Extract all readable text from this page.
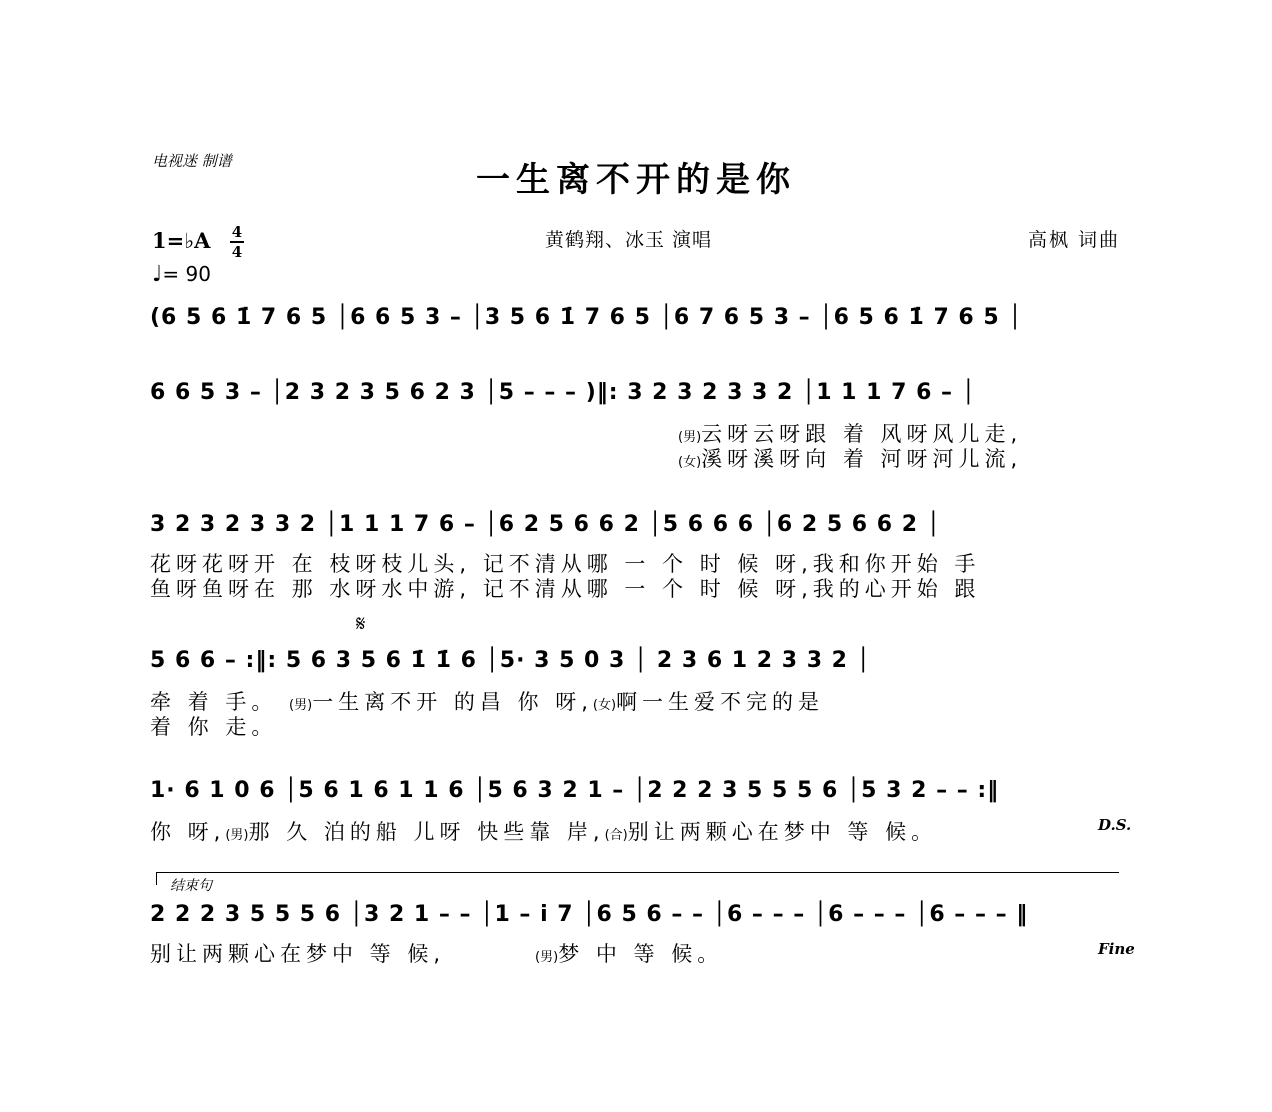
电视迷 制谱	一生离不开的是你
黄鹤翔、冰玉 演唱	高枫 词曲
1=♭A 4
4
♩= 90
(6 5 6 1̇ 7 6 5 │6 6 5 3 – │3 5 6 1̇ 7 6 5 │6 7 6 5 3 – │6 5 6 1̇ 7 6 5 │
6 6 5 3 – │2 3 2 3 5 6 2 3 │5 – – – )‖: 3 2 3 2 3 3 2 │1 1 1 7 6 – │
(男)云呀云呀跟 着 风呀风儿走,
(女)溪呀溪呀向 着 河呀河儿流,
3 2 3 2 3 3 2 │1 1 1 7 6 – │6 2 5 6 6 2 │5 6 6 6 │6 2 5 6 6 2 │
花呀花呀开 在 枝呀枝儿头, 记不清从哪 一 个 时 候 呀,我和你开始 手
鱼呀鱼呀在 那 水呀水中游, 记不清从哪 一 个 时 候 呀,我的心开始 跟
𝄋
5 6 6 – :‖: 5 6 3 5 6 1̇ 1̇ 6 │5· 3 5 0 3 │ 2 3 6 1 2 3 3 2 │
牵 着 手。 (男)一生离不开 的昌 你 呀,(女)啊一生爱不完的是
着 你 走。
1· 6 1 0 6 │5 6 1 6 1 1 6 │5 6 3 2 1 – │2 2 2 3 5 5 5 6 │5 3 2 – – :‖
你 呀,(男)那 久 泊的船 儿呀 快些靠 岸,(合)别让两颗心在梦中 等 候。	D.S.
结束句
2 2 2 3 5 5 5 6 │3 2 1 – – │1 – i 7 │6 5 6 – – │6 – – – │6 – – – │6 – – – ‖
别让两颗心在梦中 等 候,	(男)梦 中 等 候。	Fine
